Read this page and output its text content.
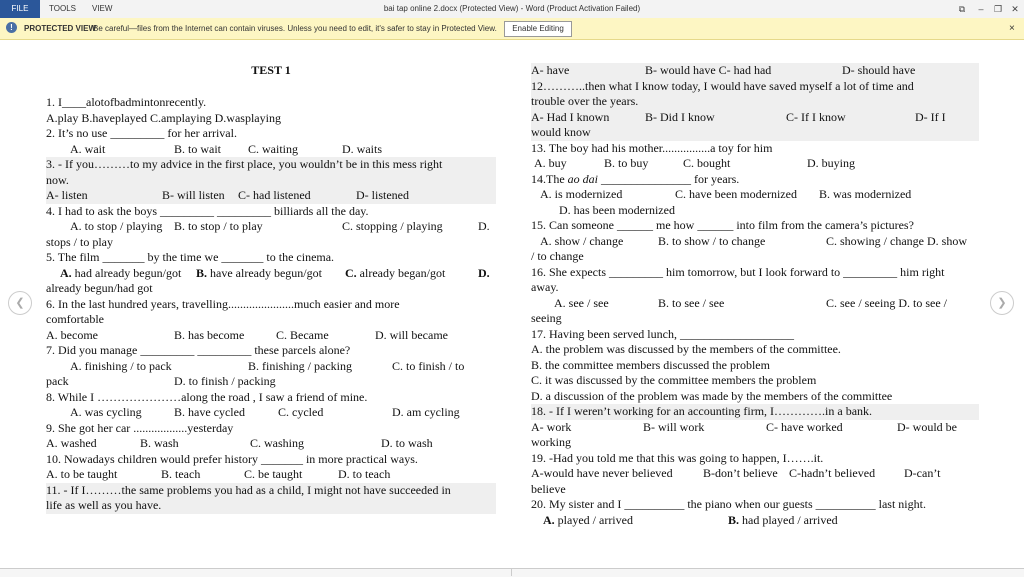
bai tap online 2.docx (Protected View) - Word (Product Activation Failed)
FILE	TOOLS VIEW	⧉	–	❐	✕
!	PROTECTED VIEW
Be careful—files from the Internet can contain viruses. Unless you need to edit, it's safer to stay in Protected View.	Enable Editing	×
❮	❯
TEST 1
1. I____alotofbadmintonrecently.
A.play B.haveplayed C.amplaying D.wasplaying
2. It’s no use _________ for her arrival.
A. wait	B. to wait C. waiting	D. waits
3. - If you………to my advice in the first place, you wouldn’t be in this mess right
now.
A- listen	B- will listen C- had listened	D- listened
4. I had to ask the boys _________ _________ billiards all the day.
A. to stop / playing B. to stop / to play	C. stopping / playing	D.
stops / to play
5. The film _______ by the time we _______ to the cinema.
A. had already begun/got B. have already begun/got C. already began/got	D.
already begun/had got
6. In the last hundred years, travelling......................much easier and more
comfortable
A. become	B. has become	C. Became	D. will became
7. Did you manage _________ _________ these parcels alone?
A. finishing / to pack	B. finishing / packing	C. to finish / to
pack	D. to finish / packing
8. While I …………………along the road , I saw a friend of mine.
A. was cycling	B. have cycled	C. cycled	D. am cycling
9. She got her car ..................yesterday
A. washed	B. wash	C. washing	D. to wash
10. Nowadays children would prefer history _______ in more practical ways.
A. to be taught	B. teach	C. be taught	D. to teach
11. - If I………the same problems you had as a child, I might not have succeeded in
life as well as you have.
A- have	B- would have C- had had	D- should have
12………..then what I know today, I would have saved myself a lot of time and
trouble over the years.
A- Had I known	B- Did I know	C- If I know	D- If I
would know
13. The boy had his mother................a toy for him
A. buy	B. to buy	C. bought	D. buying
14.The ao dai _______________ for years.
A. is modernized	C. have been modernized B. was modernized
D. has been modernized
15. Can someone ______ me how ______ into film from the camera’s pictures?
A. show / change	B. to show / to change	C. showing / change D. show
/ to change
16. She expects _________ him tomorrow, but I look forward to _________ him right
away.
A. see / see	B. to see / see	C. see / seeing D. to see /
seeing
17. Having been served lunch, ___________________
A. the problem was discussed by the members of the committee.
B. the committee members discussed the problem
C. it was discussed by the committee members the problem
D. a discussion of the problem was made by the members of the committee
18. - If I weren’t working for an accounting firm, I………….in a bank.
A- work	B- will work	C- have worked	D- would be
working
19. -Had you told me that this was going to happen, I…….it.
A-would have never believed	B-don’t believe C-hadn’t believed D-can’t
believe
20. My sister and I __________ the piano when our guests __________ last night.
A. played / arrived	B. had played / arrived
